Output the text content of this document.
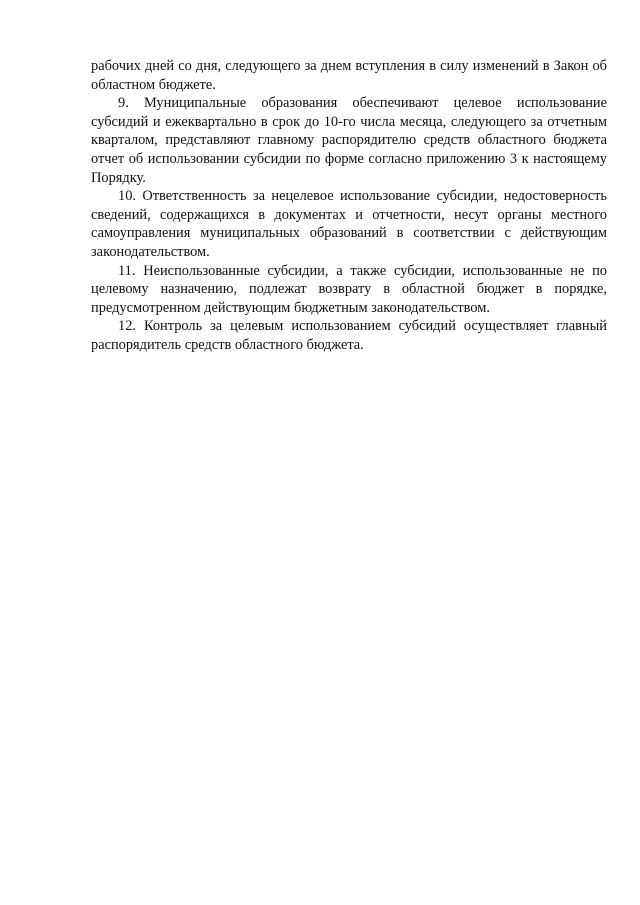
рабочих дней со дня, следующего за днем вступления в силу изменений в Закон об областном бюджете.

9. Муниципальные образования обеспечивают целевое использование субсидий и ежеквартально в срок до 10-го числа месяца, следующего за отчетным кварталом, представляют главному распорядителю средств областного бюджета отчет об использовании субсидии по форме согласно приложению 3 к настоящему Порядку.

10. Ответственность за нецелевое использование субсидии, недостоверность сведений, содержащихся в документах и отчетности, несут органы местного самоуправления муниципальных образований в соответствии с действующим законодательством.

11. Неиспользованные субсидии, а также субсидии, использованные не по целевому назначению, подлежат возврату в областной бюджет в порядке, предусмотренном действующим бюджетным законодательством.

12. Контроль за целевым использованием субсидий осуществляет главный распорядитель средств областного бюджета.
